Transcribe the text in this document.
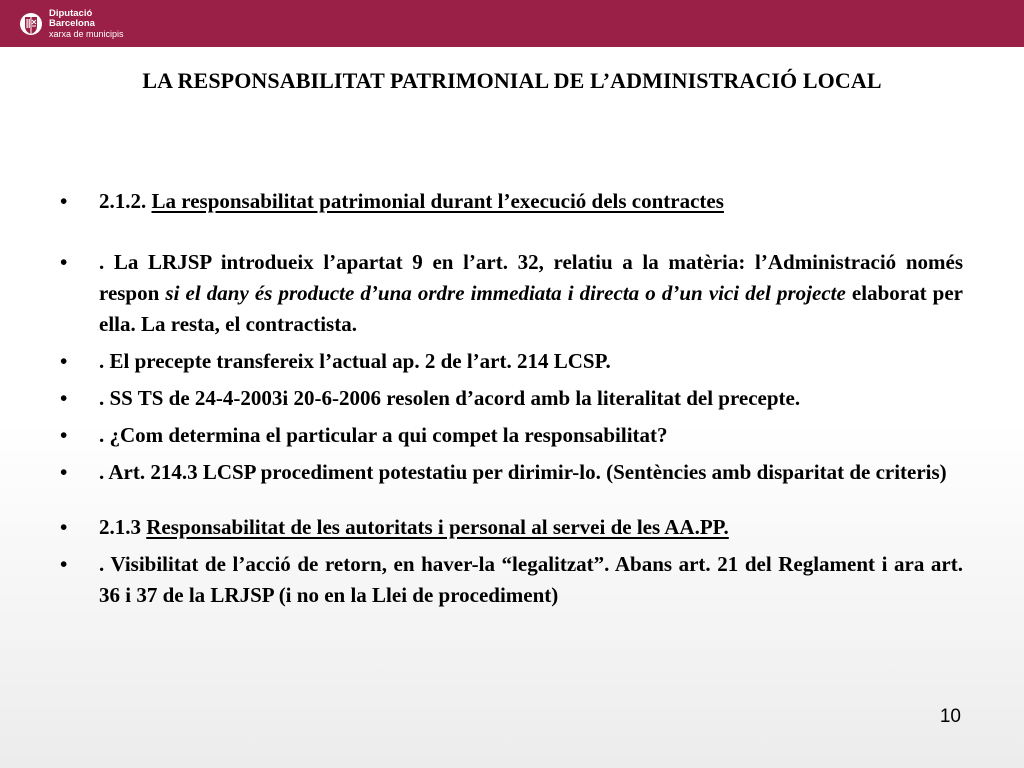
Diputació
Barcelona
xarxa de municipis
LA RESPONSABILITAT PATRIMONIAL DE L’ADMINISTRACIÓ LOCAL
• 2.1.2. La responsabilitat patrimonial durant l’execució dels contractes
• . La LRJSP introdueix l’apartat 9 en l’art. 32, relatiu a la matèria: l’Administració només respon si el dany és producte d’una ordre immediata i directa o d’un vici del projecte elaborat per ella. La resta, el contractista.
• . El precepte transfereix l’actual ap. 2 de l’art. 214 LCSP.
• . SS TS de 24-4-2003i 20-6-2006 resolen d’acord amb la literalitat del precepte.
• . ¿Com determina el particular a qui compet la responsabilitat?
• . Art. 214.3 LCSP procediment potestatiu per dirimir-lo. (Sentències amb disparitat de criteris)
• 2.1.3 Responsabilitat de les autoritats i personal al servei de les AA.PP.
• . Visibilitat de l’acció de retorn, en haver-la “legalitzat”. Abans art. 21 del Reglament i ara art. 36 i 37 de la LRJSP (i no en la Llei de procediment)
10
